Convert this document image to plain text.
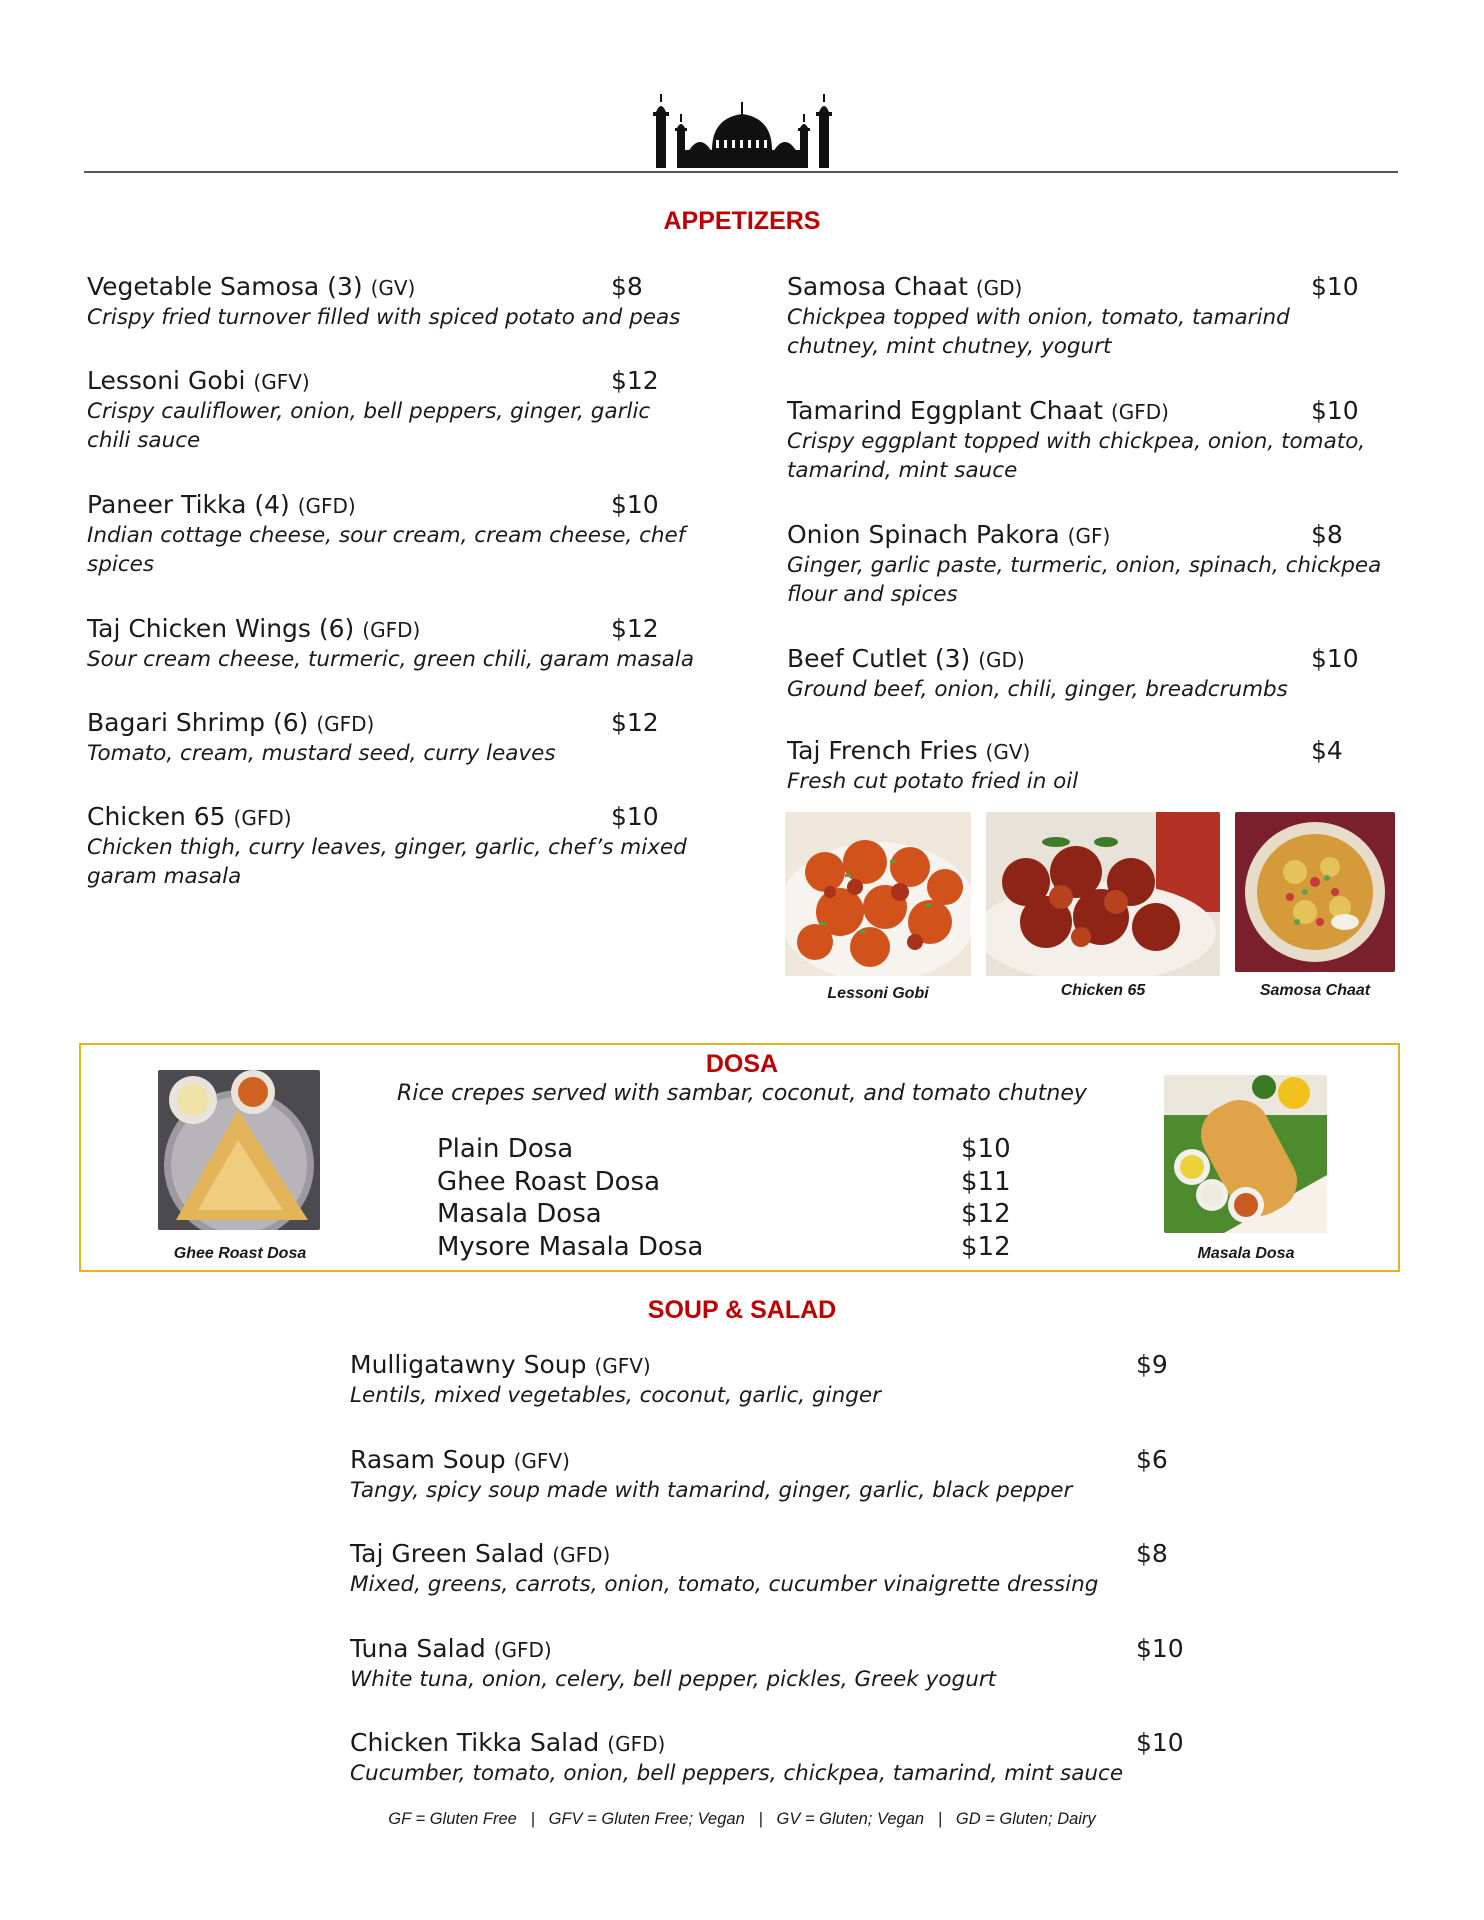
APPETIZERS
Vegetable Samosa (3) (GV)	$8
Crispy fried turnover filled with spiced potato and peas
Lessoni Gobi (GFV)	$12
Crispy cauliflower, onion, bell peppers, ginger, garlic chili sauce
Paneer Tikka (4) (GFD)	$10
Indian cottage cheese, sour cream, cream cheese, chef spices
Taj Chicken Wings (6) (GFD)	$12
Sour cream cheese, turmeric, green chili, garam masala
Bagari Shrimp (6) (GFD)	$12
Tomato, cream, mustard seed, curry leaves
Chicken 65 (GFD)	$10
Chicken thigh, curry leaves, ginger, garlic, chef’s mixed garam masala
Samosa Chaat (GD)	$10
Chickpea topped with onion, tomato, tamarind chutney, mint chutney, yogurt
Tamarind Eggplant Chaat (GFD)	$10
Crispy eggplant topped with chickpea, onion, tomato, tamarind, mint sauce
Onion Spinach Pakora (GF)	$8
Ginger, garlic paste, turmeric, onion, spinach, chickpea flour and spices
Beef Cutlet (3) (GD)	$10
Ground beef, onion, chili, ginger, breadcrumbs
Taj French Fries (GV)	$4
Fresh cut potato fried in oil
Lessoni Gobi	Chicken 65	Samosa Chaat
DOSA
Rice crepes served with sambar, coconut, and tomato chutney
Ghee Roast Dosa	Masala Dosa
Plain Dosa	$10
Ghee Roast Dosa	$11
Masala Dosa	$12
Mysore Masala Dosa	$12
SOUP & SALAD
Mulligatawny Soup (GFV)	$9
Lentils, mixed vegetables, coconut, garlic, ginger
Rasam Soup (GFV)	$6
Tangy, spicy soup made with tamarind, ginger, garlic, black pepper
Taj Green Salad (GFD)	$8
Mixed, greens, carrots, onion, tomato, cucumber vinaigrette dressing
Tuna Salad (GFD)	$10
White tuna, onion, celery, bell pepper, pickles, Greek yogurt
Chicken Tikka Salad (GFD)	$10
Cucumber, tomato, onion, bell peppers, chickpea, tamarind, mint sauce
GF = Gluten Free   |   GFV = Gluten Free; Vegan   |   GV = Gluten; Vegan   |   GD = Gluten; Dairy
